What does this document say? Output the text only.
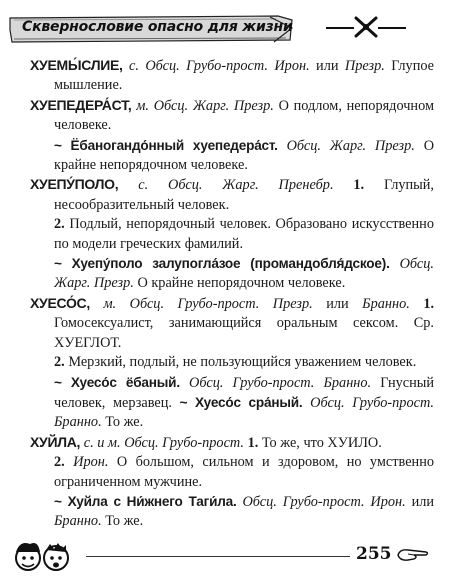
Сквернословие опасно для жизни

ХУЕМЫ́СЛИЕ, с. Обсц. Грубо-прост. Ирон. или Презр. Глупое мышление.

ХУЕПЕДЕРА́СТ, м. Обсц. Жарг. Презр. О подлом, непорядочном человеке.

~ Ёбаногандо́нный хуепедера́ст. Обсц. Жарг. Презр. О крайне непорядочном человеке.

ХУЕПУ́ПОЛО, с. Обсц. Жарг. Пренебр. 1. Глупый, несообразительный человек.

2. Подлый, непорядочный человек. Образовано искусственно по модели греческих фамилий.

~ Хуепу́поло залупогла́зое (промандобля́дское). Обсц. Жарг. Презр. О крайне непорядочном человеке.

ХУЕСО́С, м. Обсц. Грубо-прост. Презр. или Бранно. 1. Гомосексуалист, занимающийся оральным сексом. Ср. ХУЕГЛОТ.

2. Мерзкий, подлый, не пользующийся уважением человек.

~ Хуесо́с ёбаный. Обсц. Грубо-прост. Бранно. Гнусный человек, мерзавец. ~ Хуесо́с сра́ный. Обсц. Грубо-прост. Бранно. То же.

ХУЙЛА, с. и м. Обсц. Грубо-прост. 1. То же, что ХУИЛО.

2. Ирон. О большом, сильном и здоровом, но умственно ограниченном мужчине.

~ Хуйла с Ни́жнего Таги́ла. Обсц. Грубо-прост. Ирон. или Бранно. То же.

255
